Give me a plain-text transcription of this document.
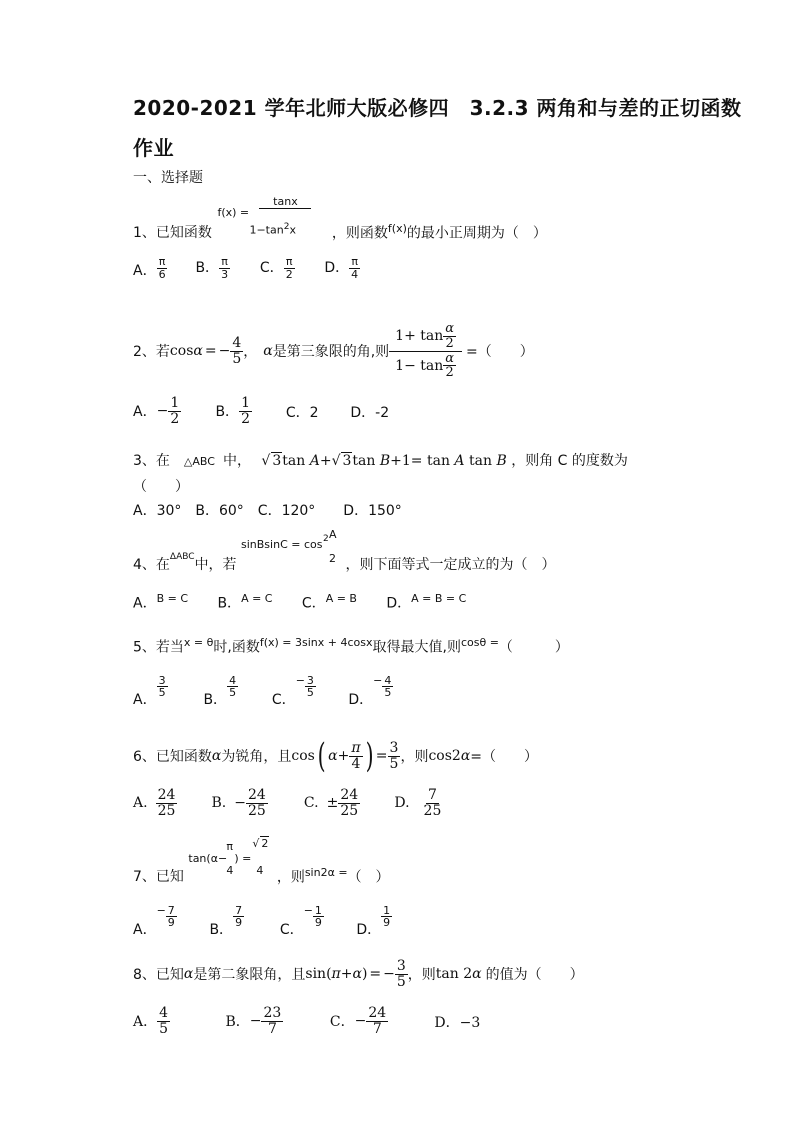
2020-2021 学年北师大版必修四　3.2.3 两角和与差的正切函数
作业
一、选择题
1、已知函数
f(x) =
tanx
$1-\tan^2x$	，则函数$^{f(x)}$的最小正周期为（　）
A． $\frac{\pi}{6}$ B． $\frac{\pi}{3}$ C． $\frac{\pi}{2}$ D． $\frac{\pi}{4}$
2、若 cos α = − $\frac{4}{5}$ ， α 是第三象限的角,则 $\frac{1+ \tan \frac{\alpha}{2}}{1- \tan \frac{\alpha}{2}}$ =（　　）
A． − $\frac{1}{2}$
B． $\frac{1}{2}$ C．2 D．-2
3、在　△ABC 中， √ 3tan A+√ 3tan B+1= tan A tan B ，则角 C 的度数为
（　　）
A．30°　B．60°　C．120°　　D．150°
4、在$^{\Delta ABC}$中，若
sinBsinC = cos 2 A
2 ，则下面等式一定成立的为（　）
A．$^{B = C}$ B．$^{A = C}$ C．$^{A = B}$ D．$^{A = B = C}$
5、若当$^{x = \theta}$时,函数$^{f(x) = 3sinx + 4cosx}$取得最大值,则$^{cos\theta =}$（　　　）
A．
$\frac{3}{5}$

B．
$\frac{4}{5}$

C．
− $\frac{3}{5}$

D．
− $\frac{4}{5}$
6、已知函数 α 为锐角，且 cos ( $\alpha + \frac{\pi}{4}$ ) = $\frac{3}{5}$ ，则 cos2 α =（　　）
A. $\frac{24}{25}$
B. − $\frac{24}{25}$
	C. ± $\frac{24}{25}$
D. $\frac{7}{25}$
7、已知
tan(α−
π
4
) =
√ 2
4 ，则$^{sin2\alpha =}$（　）
A．
− $\frac{7}{9}$

B．
$\frac{7}{9}$

C．
− $\frac{1}{9}$

D．
$\frac{1}{9}$
8、已知 α 是第二象限角，且 sin( π + α ) = − $\frac{3}{5}$ ，则 tan 2 α 的值为（　　）
A． $\frac{4}{5}$
	B． − $\frac{23}{7}$
	C． − $\frac{24}{7}$	D．−3
